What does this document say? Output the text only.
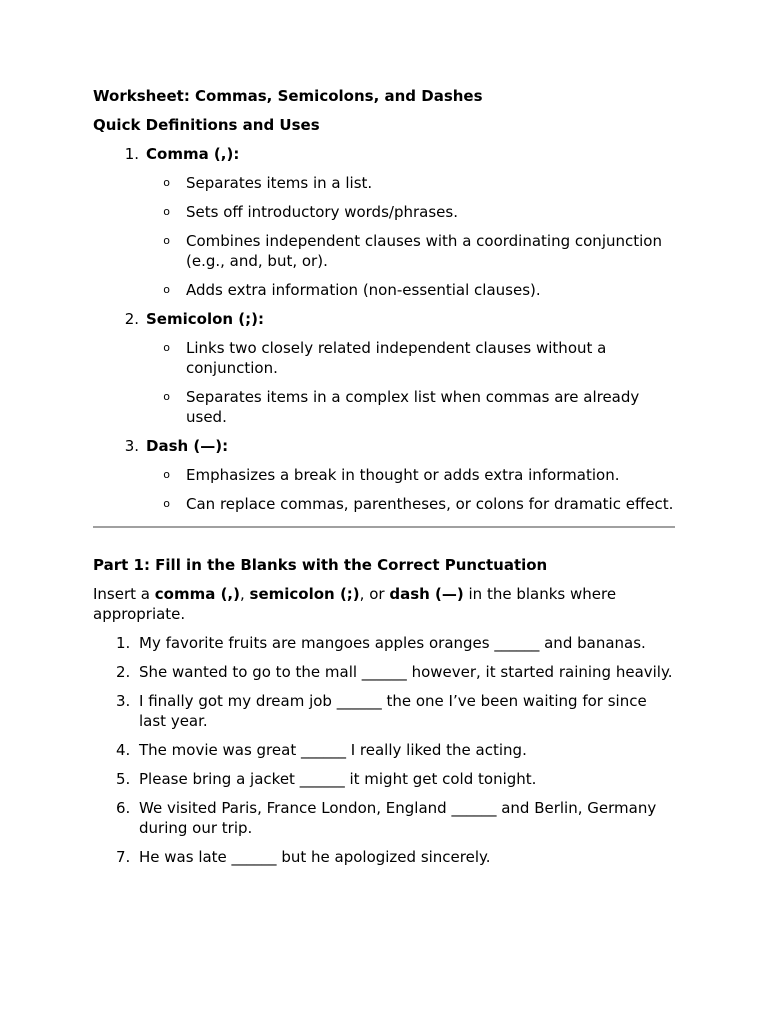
Worksheet: Commas, Semicolons, and Dashes
Quick Definitions and Uses
1. Comma (,):
o	Separates items in a list.
o	Sets off introductory words/phrases.
o	Combines independent clauses with a coordinating conjunction (e.g., and, but, or).
o	Adds extra information (non-essential clauses).
2. Semicolon (;):
o	Links two closely related independent clauses without a conjunction.
o	Separates items in a complex list when commas are already used.
3. Dash (—):
o	Emphasizes a break in thought or adds extra information.
o	Can replace commas, parentheses, or colons for dramatic effect.
Part 1: Fill in the Blanks with the Correct Punctuation
Insert a comma (,), semicolon (;), or dash (—) in the blanks where appropriate.
1. My favorite fruits are mangoes apples oranges ______ and bananas.
2. She wanted to go to the mall ______ however, it started raining heavily.
3. I finally got my dream job ______ the one I’ve been waiting for since last year.
4. The movie was great ______ I really liked the acting.
5. Please bring a jacket ______ it might get cold tonight.
6. We visited Paris, France London, England ______ and Berlin, Germany during our trip.
7. He was late ______ but he apologized sincerely.
